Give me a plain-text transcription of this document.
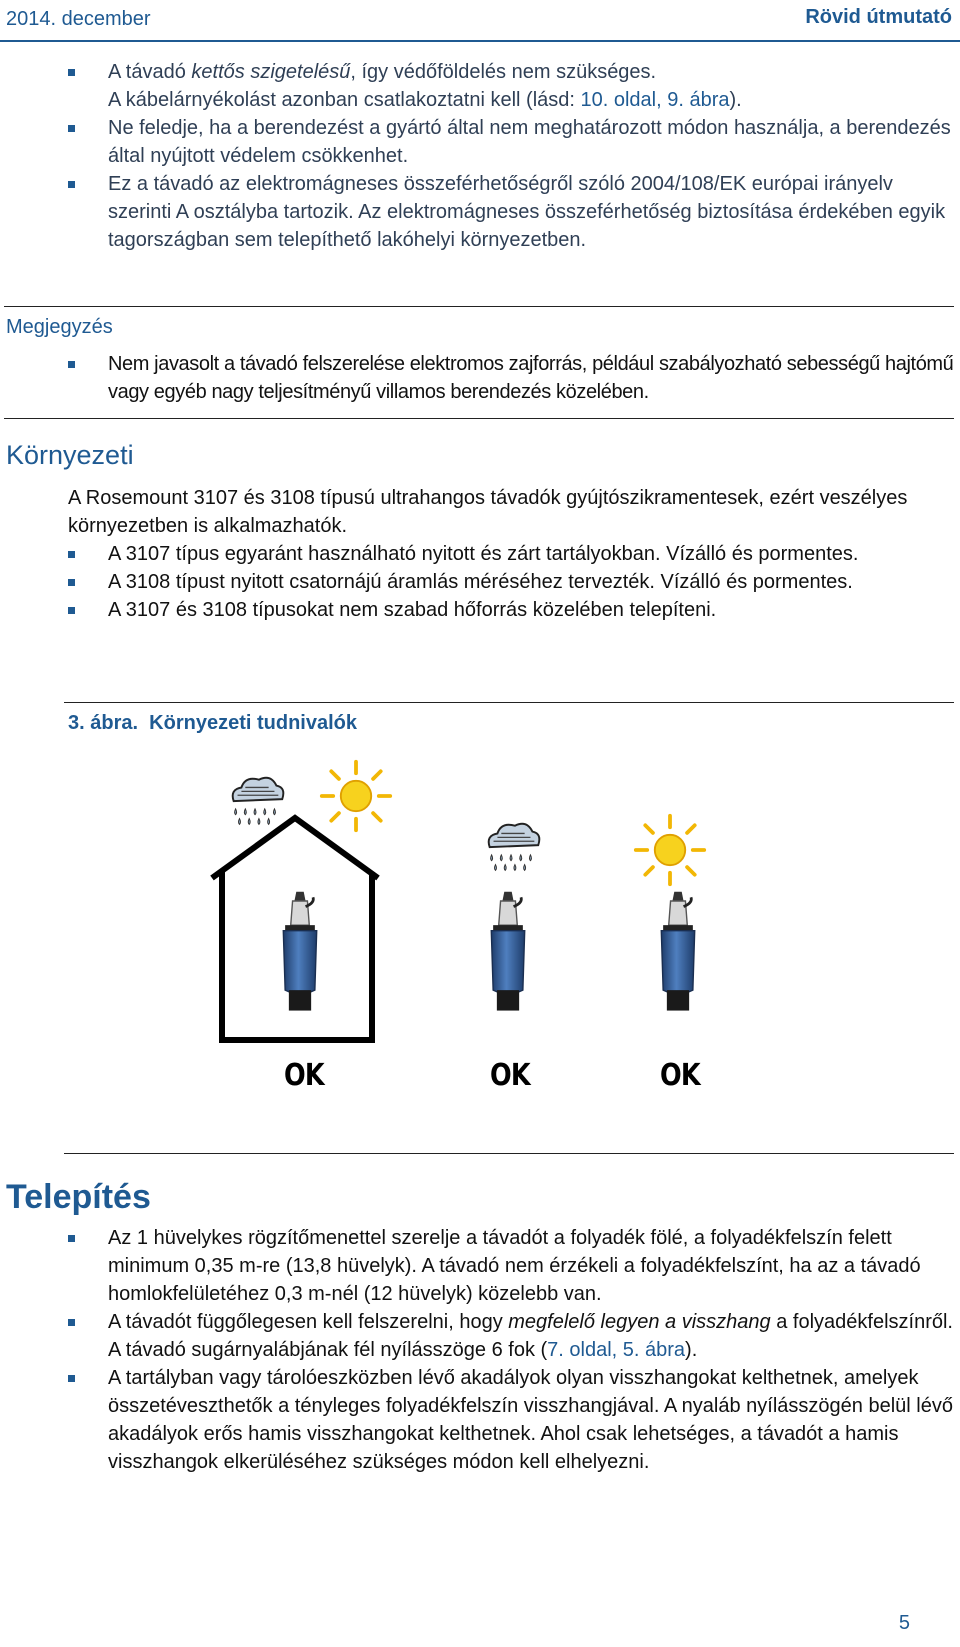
2014. december	Rövid útmutató
A távadó kettős szigetelésű, így védőföldelés nem szükséges.
A kábelárnyékolást azonban csatlakoztatni kell (lásd: 10. oldal, 9. ábra).
Ne feledje, ha a berendezést a gyártó által nem meghatározott módon használja, a berendezés által nyújtott védelem csökkenhet.
Ez a távadó az elektromágneses összeférhetőségről szóló 2004/108/EK európai irányelv szerinti A osztályba tartozik. Az elektromágneses összeférhetőség biztosítása érdekében egyik tagországban sem telepíthető lakóhelyi környezetben.
Megjegyzés
Nem javasolt a távadó felszerelése elektromos zajforrás, például szabályozható sebességű hajtómű vagy egyéb nagy teljesítményű villamos berendezés közelében.
Környezeti
A Rosemount 3107 és 3108 típusú ultrahangos távadók gyújtószikramentesek, ezért veszélyes környezetben is alkalmazhatók.
A 3107 típus egyaránt használható nyitott és zárt tartályokban. Vízálló és pormentes.
A 3108 típust nyitott csatornájú áramlás méréséhez tervezték. Vízálló és pormentes.
A 3107 és 3108 típusokat nem szabad hőforrás közelében telepíteni.
3. ábra. Környezeti tudnivalók
OK	OK	OK
Telepítés
Az 1 hüvelykes rögzítőmenettel szerelje a távadót a folyadék fölé, a folyadékfelszín felett minimum 0,35 m-re (13,8 hüvelyk). A távadó nem érzékeli a folyadékfelszínt, ha az a távadó homlokfelületéhez 0,3 m-nél (12 hüvelyk) közelebb van.
A távadót függőlegesen kell felszerelni, hogy megfelelő legyen a visszhang a folyadékfelszínről. A távadó sugárnyalábjának fél nyílásszöge 6 fok (7. oldal, 5. ábra).
A tartályban vagy tárolóeszközben lévő akadályok olyan visszhangokat kelthetnek, amelyek összetéveszthetők a tényleges folyadékfelszín visszhangjával. A nyaláb nyílásszögén belül lévő akadályok erős hamis visszhangokat kelthetnek. Ahol csak lehetséges, a távadót a hamis visszhangok elkerüléséhez szükséges módon kell elhelyezni.
5
